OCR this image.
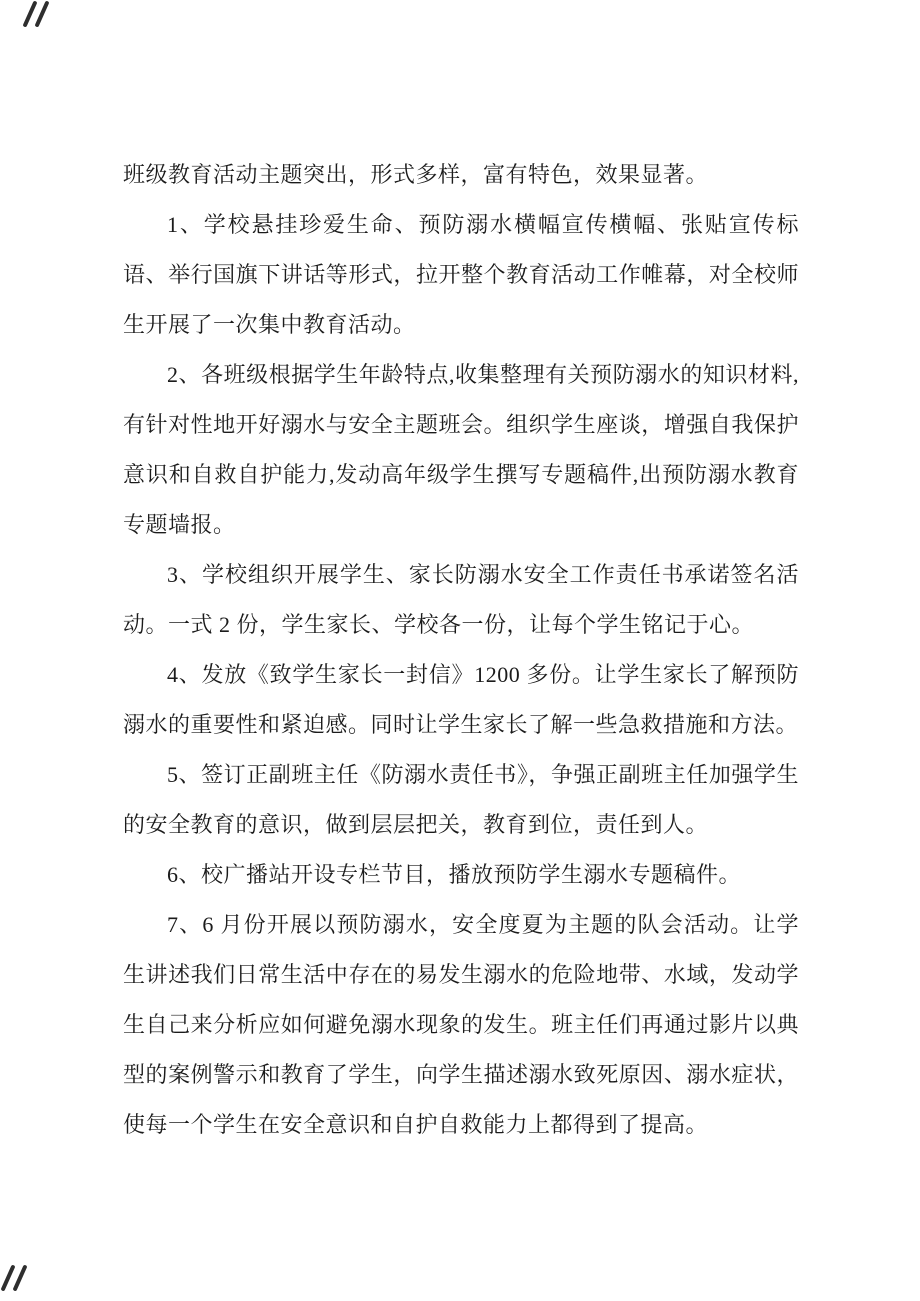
班级教育活动主题突出，形式多样，富有特色，效果显著。

1、学校悬挂珍爱生命、预防溺水横幅宣传横幅、张贴宣传标语、举行国旗下讲话等形式，拉开整个教育活动工作帷幕，对全校师生开展了一次集中教育活动。

2、各班级根据学生年龄特点,收集整理有关预防溺水的知识材料,有针对性地开好溺水与安全主题班会。组织学生座谈，增强自我保护意识和自救自护能力,发动高年级学生撰写专题稿件,出预防溺水教育专题墙报。

3、学校组织开展学生、家长防溺水安全工作责任书承诺签名活动。一式 2 份，学生家长、学校各一份，让每个学生铭记于心。

4、发放《致学生家长一封信》1200 多份。让学生家长了解预防溺水的重要性和紧迫感。同时让学生家长了解一些急救措施和方法。

5、签订正副班主任《防溺水责任书》，争强正副班主任加强学生的安全教育的意识，做到层层把关，教育到位，责任到人。

6、校广播站开设专栏节目，播放预防学生溺水专题稿件。

7、6 月份开展以预防溺水，安全度夏为主题的队会活动。让学生讲述我们日常生活中存在的易发生溺水的危险地带、水域，发动学生自己来分析应如何避免溺水现象的发生。班主任们再通过影片以典型的案例警示和教育了学生，向学生描述溺水致死原因、溺水症状，使每一个学生在安全意识和自护自救能力上都得到了提高。
